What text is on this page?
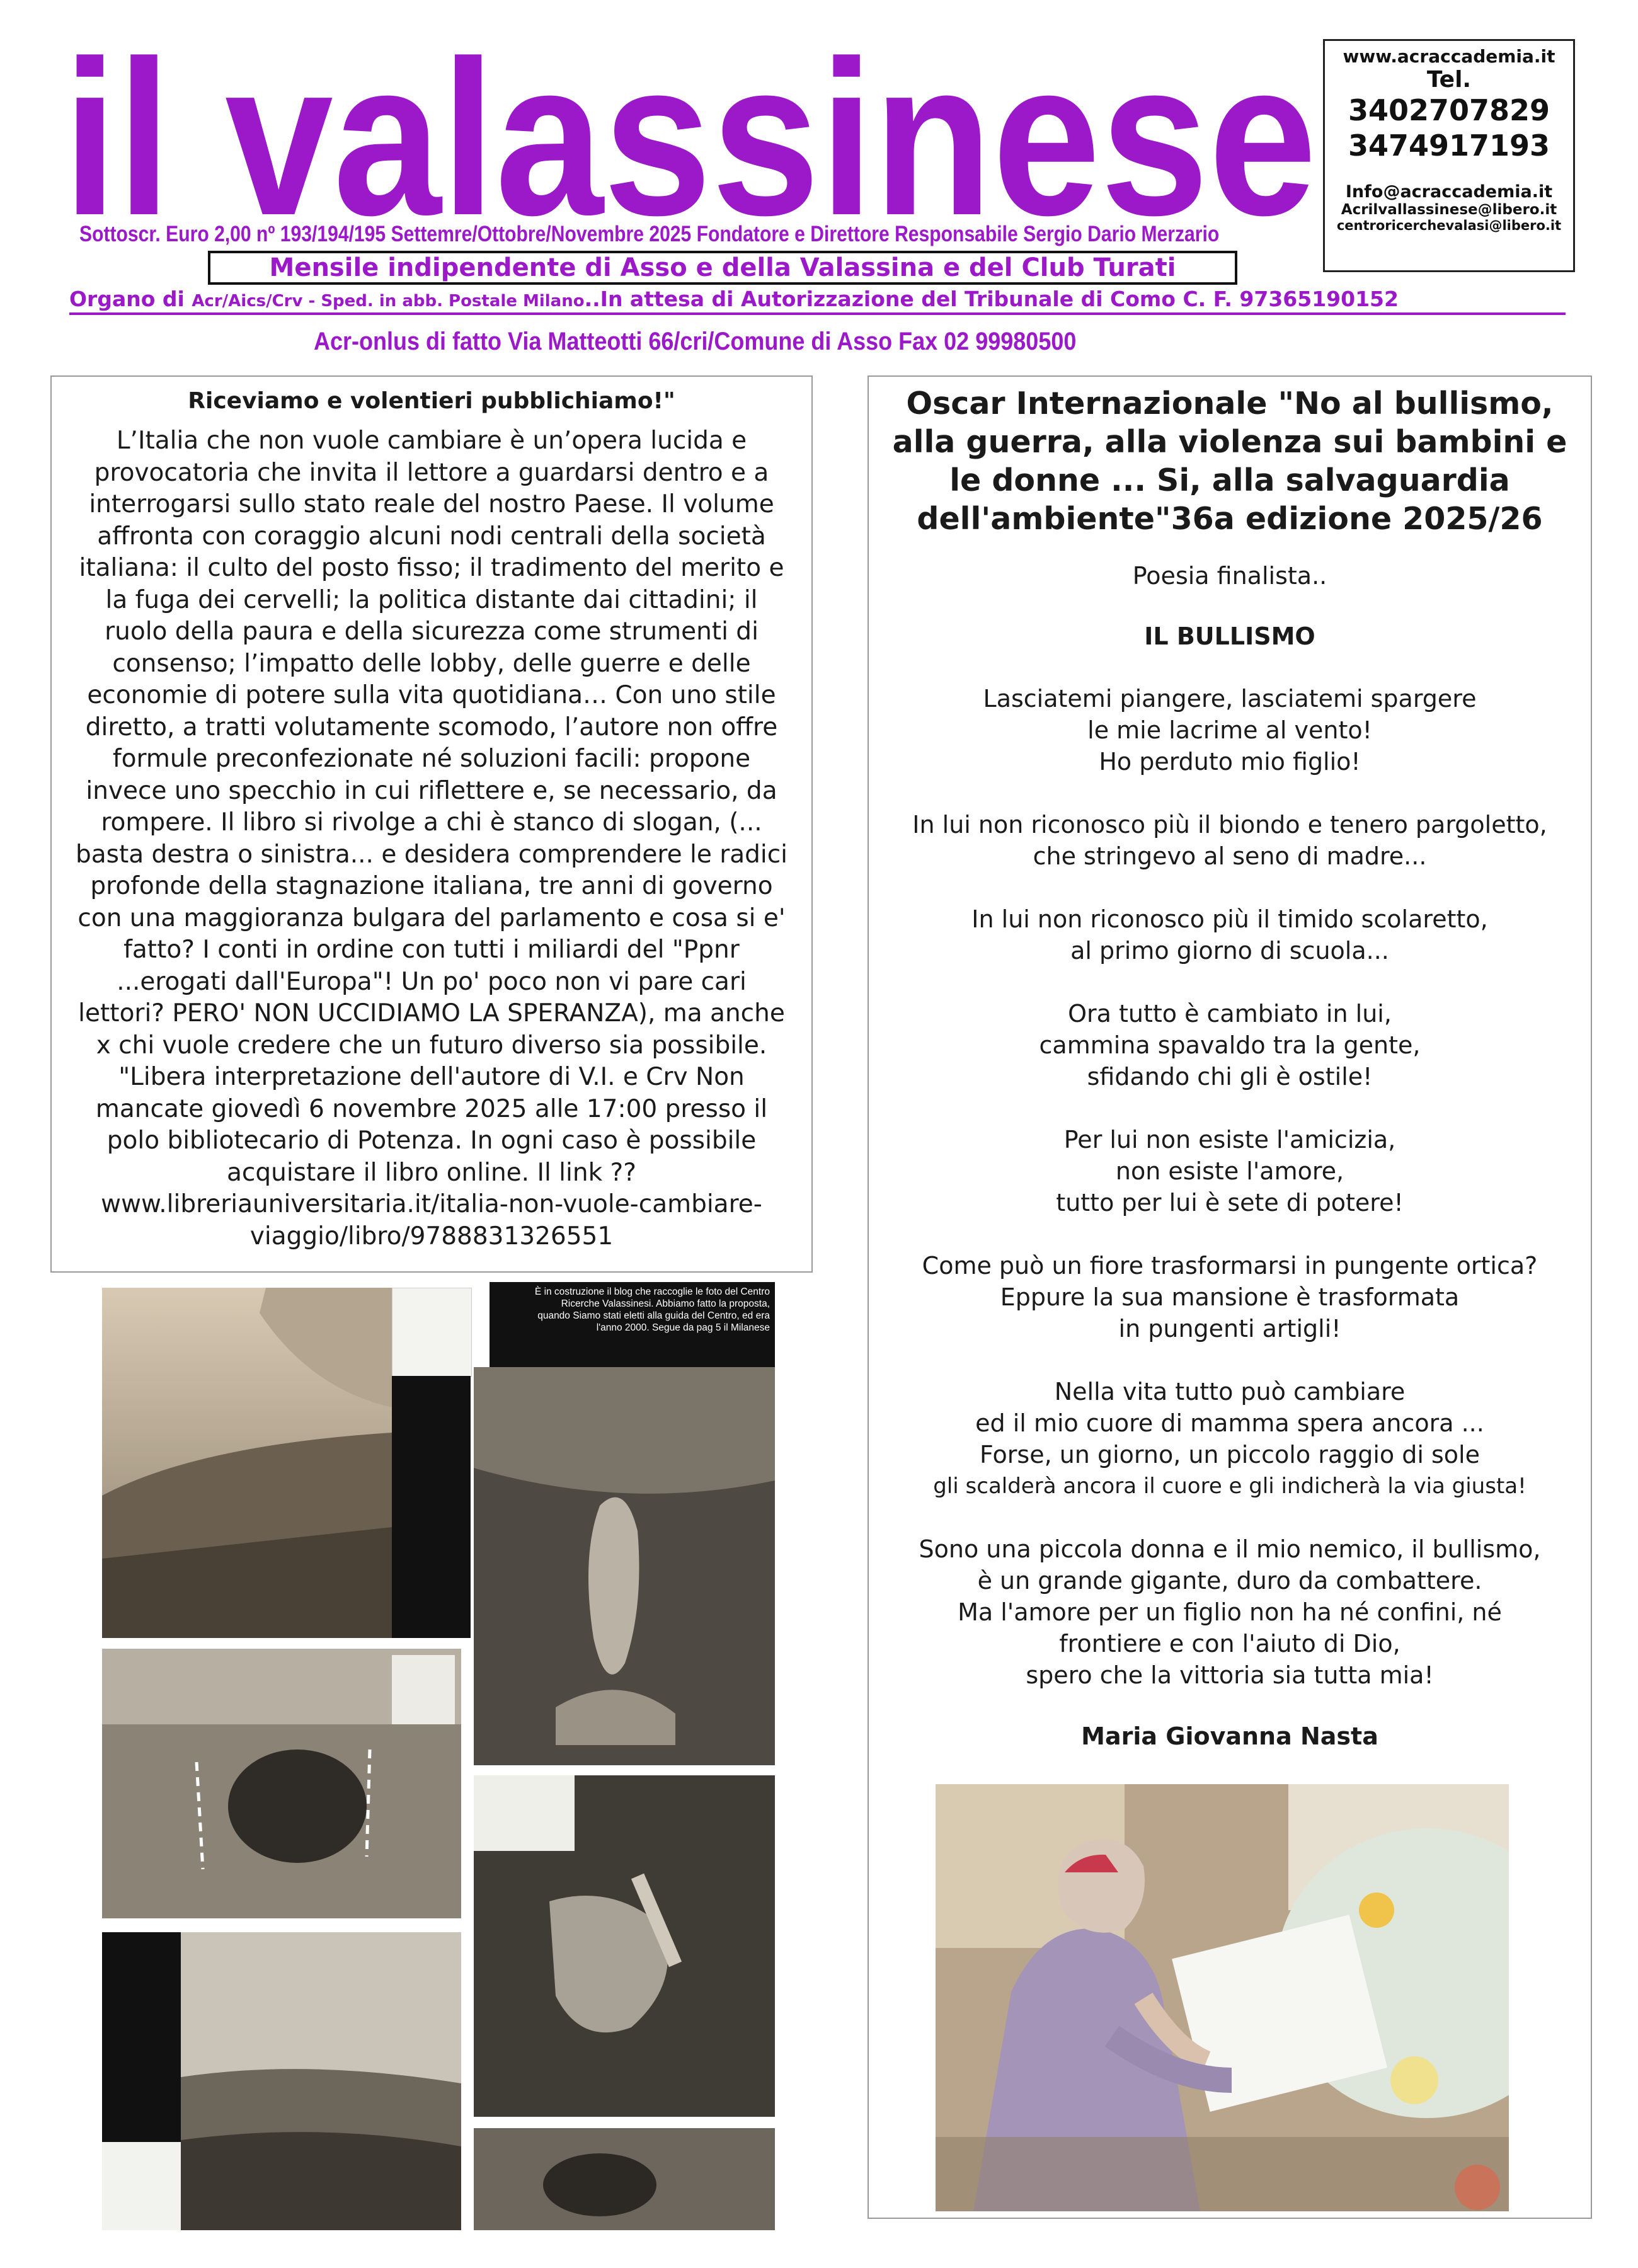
il valassinese
Sottoscr. Euro 2,00 nº 193/194/195 Settemre/Ottobre/Novembre 2025 Fondatore e Direttore Responsabile Sergio Dario Merzario
Mensile indipendente di Asso e della Valassina e del Club Turati
Organo di Acr/Aics/Crv - Sped. in abb. Postale Milano..In attesa di Autorizzazione del Tribunale di Como C. F. 97365190152
Acr-onlus di fatto Via Matteotti 66/cri/Comune di Asso Fax 02 99980500
www.acraccademia.it
Tel.
3402707829
3474917193
Info@acraccademia.it
Acrilvallassinese@libero.it
centroricerchevalasi@libero.it
Riceviamo e volentieri pubblichiamo!"

L’Italia che non vuole cambiare è un’opera lucida e provocatoria che invita il lettore a guardarsi dentro e a interrogarsi sullo stato reale del nostro Paese. Il volume affronta con coraggio alcuni nodi centrali della società italiana: il culto del posto fisso; il tradimento del merito e la fuga dei cervelli; la politica distante dai cittadini; il ruolo della paura e della sicurezza come strumenti di consenso; l’impatto delle lobby, delle guerre e delle economie di potere sulla vita quotidiana… Con uno stile diretto, a tratti volutamente scomodo, l’autore non offre formule preconfezionate né soluzioni facili: propone invece uno specchio in cui riflettere e, se necessario, da rompere. Il libro si rivolge a chi è stanco di slogan, (... basta destra o sinistra... e desidera comprendere le radici profonde della stagnazione italiana, tre anni di governo con una maggioranza bulgara del parlamento e cosa si e' fatto? I conti in ordine con tutti i miliardi del "Ppnr ...erogati dall'Europa"! Un po' poco non vi pare cari lettori? PERO' NON UCCIDIAMO LA SPERANZA), ma anche x chi vuole credere che un futuro diverso sia possibile. "Libera interpretazione dell'autore di V.I. e Crv Non mancate giovedì 6 novembre 2025 alle 17:00 presso il polo bibliotecario di Potenza. In ogni caso è possibile acquistare il libro online. Il link ?? www.libreriauniversitaria.it/italia-non-vuole-cambiare-viaggio/libro/9788831326551

Oscar Internazionale "No al bullismo, alla guerra, alla violenza sui bambini e le donne ... Si, alla salvaguardia dell'ambiente"36a edizione 2025/26
Poesia finalista..
IL BULLISMO
Lasciatemi piangere, lasciatemi spargere
le mie lacrime al vento!
Ho perduto mio figlio!
In lui non riconosco più il biondo e tenero pargoletto,
che stringevo al seno di madre...
In lui non riconosco più il timido scolaretto,
al primo giorno di scuola...
Ora tutto è cambiato in lui,
cammina spavaldo tra la gente,
sfidando chi gli è ostile!
Per lui non esiste l'amicizia,
non esiste l'amore,
tutto per lui è sete di potere!
Come può un fiore trasformarsi in pungente ortica?
Eppure la sua mansione è trasformata
in pungenti artigli!
Nella vita tutto può cambiare
ed il mio cuore di mamma spera ancora ...
Forse, un giorno, un piccolo raggio di sole
gli scalderà ancora il cuore e gli indicherà la via giusta!
Sono una piccola donna e il mio nemico, il bullismo,
è un grande gigante, duro da combattere.
Ma l'amore per un figlio non ha né confini, né
frontiere e con l'aiuto di Dio,
spero che la vittoria sia tutta mia!
Maria Giovanna Nasta
È in costruzione il blog che raccoglie le foto del Centro Ricerche Valassinesi. Abbiamo fatto la proposta, quando Siamo stati eletti alla guida del Centro, ed era l'anno 2000. Segue da pag 5 il Milanese
